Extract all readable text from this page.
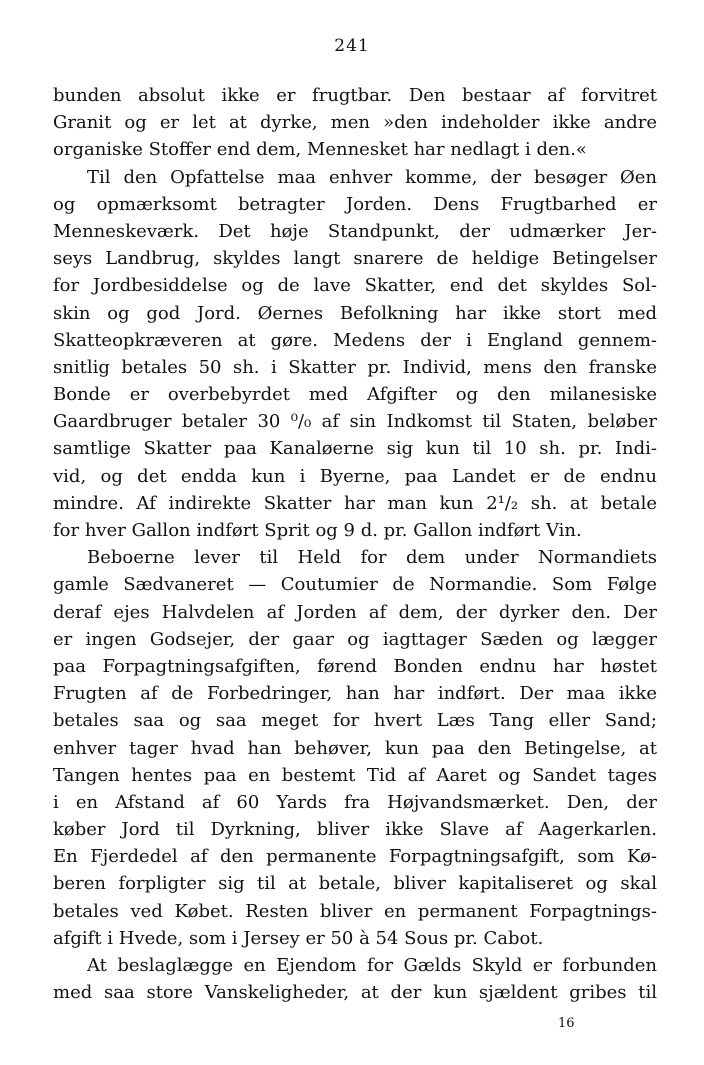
241
bunden absolut ikke er frugtbar. Den bestaar af forvitret
Granit og er let at dyrke, men »den indeholder ikke andre
organiske Stoffer end dem, Mennesket har nedlagt i den.«
Til den Opfattelse maa enhver komme, der besøger Øen
og opmærksomt betragter Jorden. Dens Frugtbarhed er
Menneskeværk. Det høje Standpunkt, der udmærker Jer-
seys Landbrug, skyldes langt snarere de heldige Betingelser
for Jordbesiddelse og de lave Skatter, end det skyldes Sol-
skin og god Jord. Øernes Befolkning har ikke stort med
Skatteopkræveren at gøre. Medens der i England gennem-
snitlig betales 50 sh. i Skatter pr. Individ, mens den franske
Bonde er overbebyrdet med Afgifter og den milanesiske
Gaardbruger betaler 30 ⁰/₀ af sin Indkomst til Staten, beløber
samtlige Skatter paa Kanaløerne sig kun til 10 sh. pr. Indi-
vid, og det endda kun i Byerne, paa Landet er de endnu
mindre. Af indirekte Skatter har man kun 2¹/₂ sh. at betale
for hver Gallon indført Sprit og 9 d. pr. Gallon indført Vin.
Beboerne lever til Held for dem under Normandiets
gamle Sædvaneret — Coutumier de Normandie. Som Følge
deraf ejes Halvdelen af Jorden af dem, der dyrker den. Der
er ingen Godsejer, der gaar og iagttager Sæden og lægger
paa Forpagtningsafgiften, førend Bonden endnu har høstet
Frugten af de Forbedringer, han har indført. Der maa ikke
betales saa og saa meget for hvert Læs Tang eller Sand;
enhver tager hvad han behøver, kun paa den Betingelse, at
Tangen hentes paa en bestemt Tid af Aaret og Sandet tages
i en Afstand af 60 Yards fra Højvandsmærket. Den, der
køber Jord til Dyrkning, bliver ikke Slave af Aagerkarlen.
En Fjerdedel af den permanente Forpagtningsafgift, som Kø-
beren forpligter sig til at betale, bliver kapitaliseret og skal
betales ved Købet. Resten bliver en permanent Forpagtnings-
afgift i Hvede, som i Jersey er 50 à 54 Sous pr. Cabot.
At beslaglægge en Ejendom for Gælds Skyld er forbunden
med saa store Vanskeligheder, at der kun sjældent gribes til
16
